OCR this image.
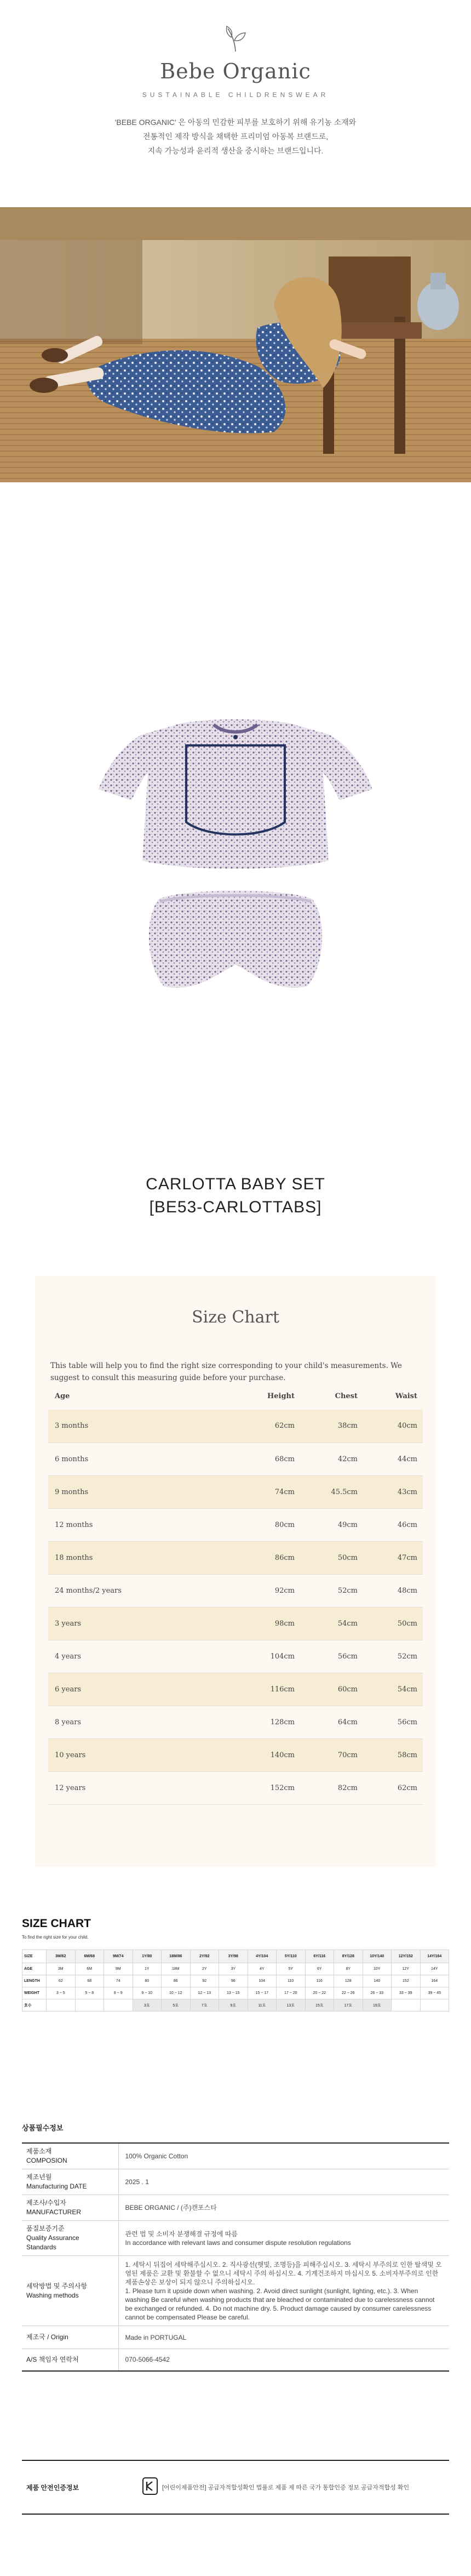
Bebe Organic
SUSTAINABLE CHILDRENSWEAR
'BEBE ORGANIC' 은 아동의 민감한 피부를 보호하기 위해 유기농 소재와
전통적인 제작 방식을 채택한 프리미엄 아동복 브랜드로,
지속 가능성과 윤리적 생산을 중시하는 브랜드입니다.
CARLOTTA BABY SET
[BE53-CARLOTTABS]
Size Chart
This table will help you to find the right size corresponding to your child's measurements. We suggest to consult this measuring guide before your purchase.
Age	Height	Chest	Waist
3 months	62cm	38cm	40cm
6 months	68cm	42cm	44cm
9 months	74cm	45.5cm	43cm
12 months	80cm	49cm	46cm
18 months	86cm	50cm	47cm
24 months/2 years	92cm	52cm	48cm
3 years	98cm	54cm	50cm
4 years	104cm	56cm	52cm
6 years	116cm	60cm	54cm
8 years	128cm	64cm	56cm
10 years	140cm	70cm	58cm
12 years	152cm	82cm	62cm
SIZE CHART
To find the right size for your child.
SIZE	3M/62	6M/68	9M/74	1Y/80	18M/86	2Y/92	3Y/98	4Y/104	5Y/110	6Y/116	8Y/128	10Y/140	12Y/152	14Y/164
AGE	3M	6M	9M	1Y	18M	2Y	3Y	4Y	5Y	6Y	8Y	10Y	12Y	14Y
LENGTH	62	68	74	80	86	92	98	104	110	116	128	140	152	164
WEIGHT	3 ~ 5	5 ~ 8	8 ~ 9	9 ~ 10	10 ~ 12	12 ~ 13	13 ~ 15	15 ~ 17	17 ~ 20	20 ~ 22	22 ~ 26	26 ~ 33	33 ~ 39	39 ~ 45
호수				3호	5호	7호	9호	11호	13호	15호	17호	19호		
상품필수정보
제품소재
COMPOSION	100% Organic Cotton
제조년월
Manufacturing DATE	2025 . 1
제조사/수입자
MANUFACTURER	BEBE ORGANIC / (주)캔포스타
품질보증기준
Quality Assurance
Standards	관련 법 및 소비자 분쟁해결 규정에 따름
In accordance with relevant laws and consumer dispute resolution regulations
세탁방법 및 주의사항
Washing methods	1. 세탁시 뒤집어 세탁해주십시오. 2. 직사광선(햇빛, 조명등)을 피해주십시오. 3. 세탁시 부주의로 인한 탈색및 오염된 제품은 교환 및 환불할 수 없으니 세탁시 주의 하십시오. 4. 기계건조하지 마십시오 5. 소비자부주의로 인한 제품손상은 보상이 되지 않으니 주의하십시오.
1. Please turn it upside down when washing. 2. Avoid direct sunlight (sunlight, lighting, etc.). 3. When washing Be careful when washing products that are bleached or contaminated due to carelessness cannot be exchanged or refunded. 4. Do not machine dry. 5. Product damage caused by consumer carelessness cannot be compensated Please be careful.
제조국 / Origin	Made in PORTUGAL
A/S 책임자 연락처	070-5066-4542
제품 안전인증정보	[어린이제품안전] 공급자적합성확인 법률로 제품 제 따른 국가 통합인증 정보 공급자적합성 확인
